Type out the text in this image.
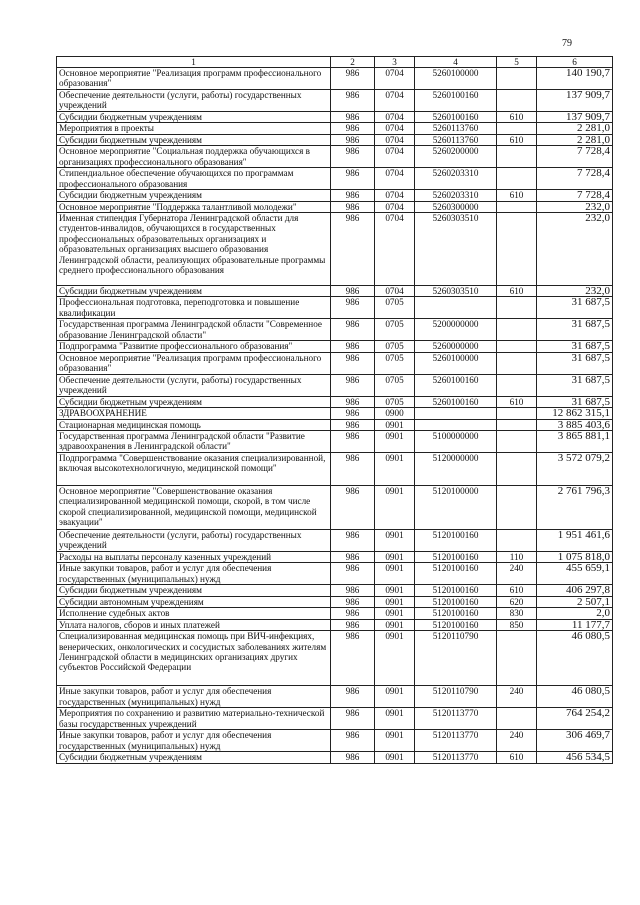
79
1	2	3	4	5	6
Основное мероприятие "Реализация программ профессионального образования"	986	0704	5260100000		140 190,7
Обеспечение деятельности (услуги, работы) государственных учреждений	986	0704	5260100160		137 909,7
Субсидии бюджетным учреждениям	986	0704	5260100160	610	137 909,7
Мероприятия в проекты	986	0704	5260113760		2 281,0
Субсидии бюджетным учреждениям	986	0704	5260113760	610	2 281,0
Основное мероприятие "Социальная поддержка обучающихся в организациях профессионального образования"	986	0704	5260200000		7 728,4
Стипендиальное обеспечение обучающихся по программам профессионального образования	986	0704	5260203310		7 728,4
Субсидии бюджетным учреждениям	986	0704	5260203310	610	7 728,4
Основное мероприятие "Поддержка талантливой молодежи"	986	0704	5260300000		232,0
Именная стипендия Губернатора Ленинградской области для студентов-инвалидов, обучающихся в государственных профессиональных образовательных организациях и образовательных организациях высшего образования Ленинградской области, реализующих образовательные программы среднего профессионального образования	986	0704	5260303510		232,0
Субсидии бюджетным учреждениям	986	0704	5260303510	610	232,0
Профессиональная подготовка, переподготовка и повышение квалификации	986	0705			31 687,5
Государственная программа Ленинградской области "Современное образование Ленинградской области"	986	0705	5200000000		31 687,5
Подпрограмма "Развитие профессионального образования"	986	0705	5260000000		31 687,5
Основное мероприятие "Реализация программ профессионального образования"	986	0705	5260100000		31 687,5
Обеспечение деятельности (услуги, работы) государственных учреждений	986	0705	5260100160		31 687,5
Субсидии бюджетным учреждениям	986	0705	5260100160	610	31 687,5
ЗДРАВООХРАНЕНИЕ	986	0900			12 862 315,1
Стационарная медицинская помощь	986	0901			3 885 403,6
Государственная программа Ленинградской области "Развитие здравоохранения в Ленинградской области"	986	0901	5100000000		3 865 881,1
Подпрограмма "Совершенствование оказания специализированной, включая высокотехнологичную, медицинской помощи"	986	0901	5120000000		3 572 079,2
Основное мероприятие "Совершенствование оказания специализированной медицинской помощи, скорой, в том числе скорой специализированной, медицинской помощи, медицинской эвакуации"	986	0901	5120100000		2 761 796,3
Обеспечение деятельности (услуги, работы) государственных учреждений	986	0901	5120100160		1 951 461,6
Расходы на выплаты персоналу казенных учреждений	986	0901	5120100160	110	1 075 818,0
Иные закупки товаров, работ и услуг для обеспечения государственных (муниципальных) нужд	986	0901	5120100160	240	455 659,1
Субсидии бюджетным учреждениям	986	0901	5120100160	610	406 297,8
Субсидии автономным учреждениям	986	0901	5120100160	620	2 507,1
Исполнение судебных актов	986	0901	5120100160	830	2,0
Уплата налогов, сборов и иных платежей	986	0901	5120100160	850	11 177,7
Специализированная медицинская помощь при ВИЧ-инфекциях, венерических, онкологических и сосудистых заболеваниях жителям Ленинградской области в медицинских организациях других субъектов Российской Федерации	986	0901	5120110790		46 080,5
Иные закупки товаров, работ и услуг для обеспечения государственных (муниципальных) нужд	986	0901	5120110790	240	46 080,5
Мероприятия по сохранению и развитию материально-технической базы государственных учреждений	986	0901	5120113770		764 254,2
Иные закупки товаров, работ и услуг для обеспечения государственных (муниципальных) нужд	986	0901	5120113770	240	306 469,7
Субсидии бюджетным учреждениям	986	0901	5120113770	610	456 534,5
